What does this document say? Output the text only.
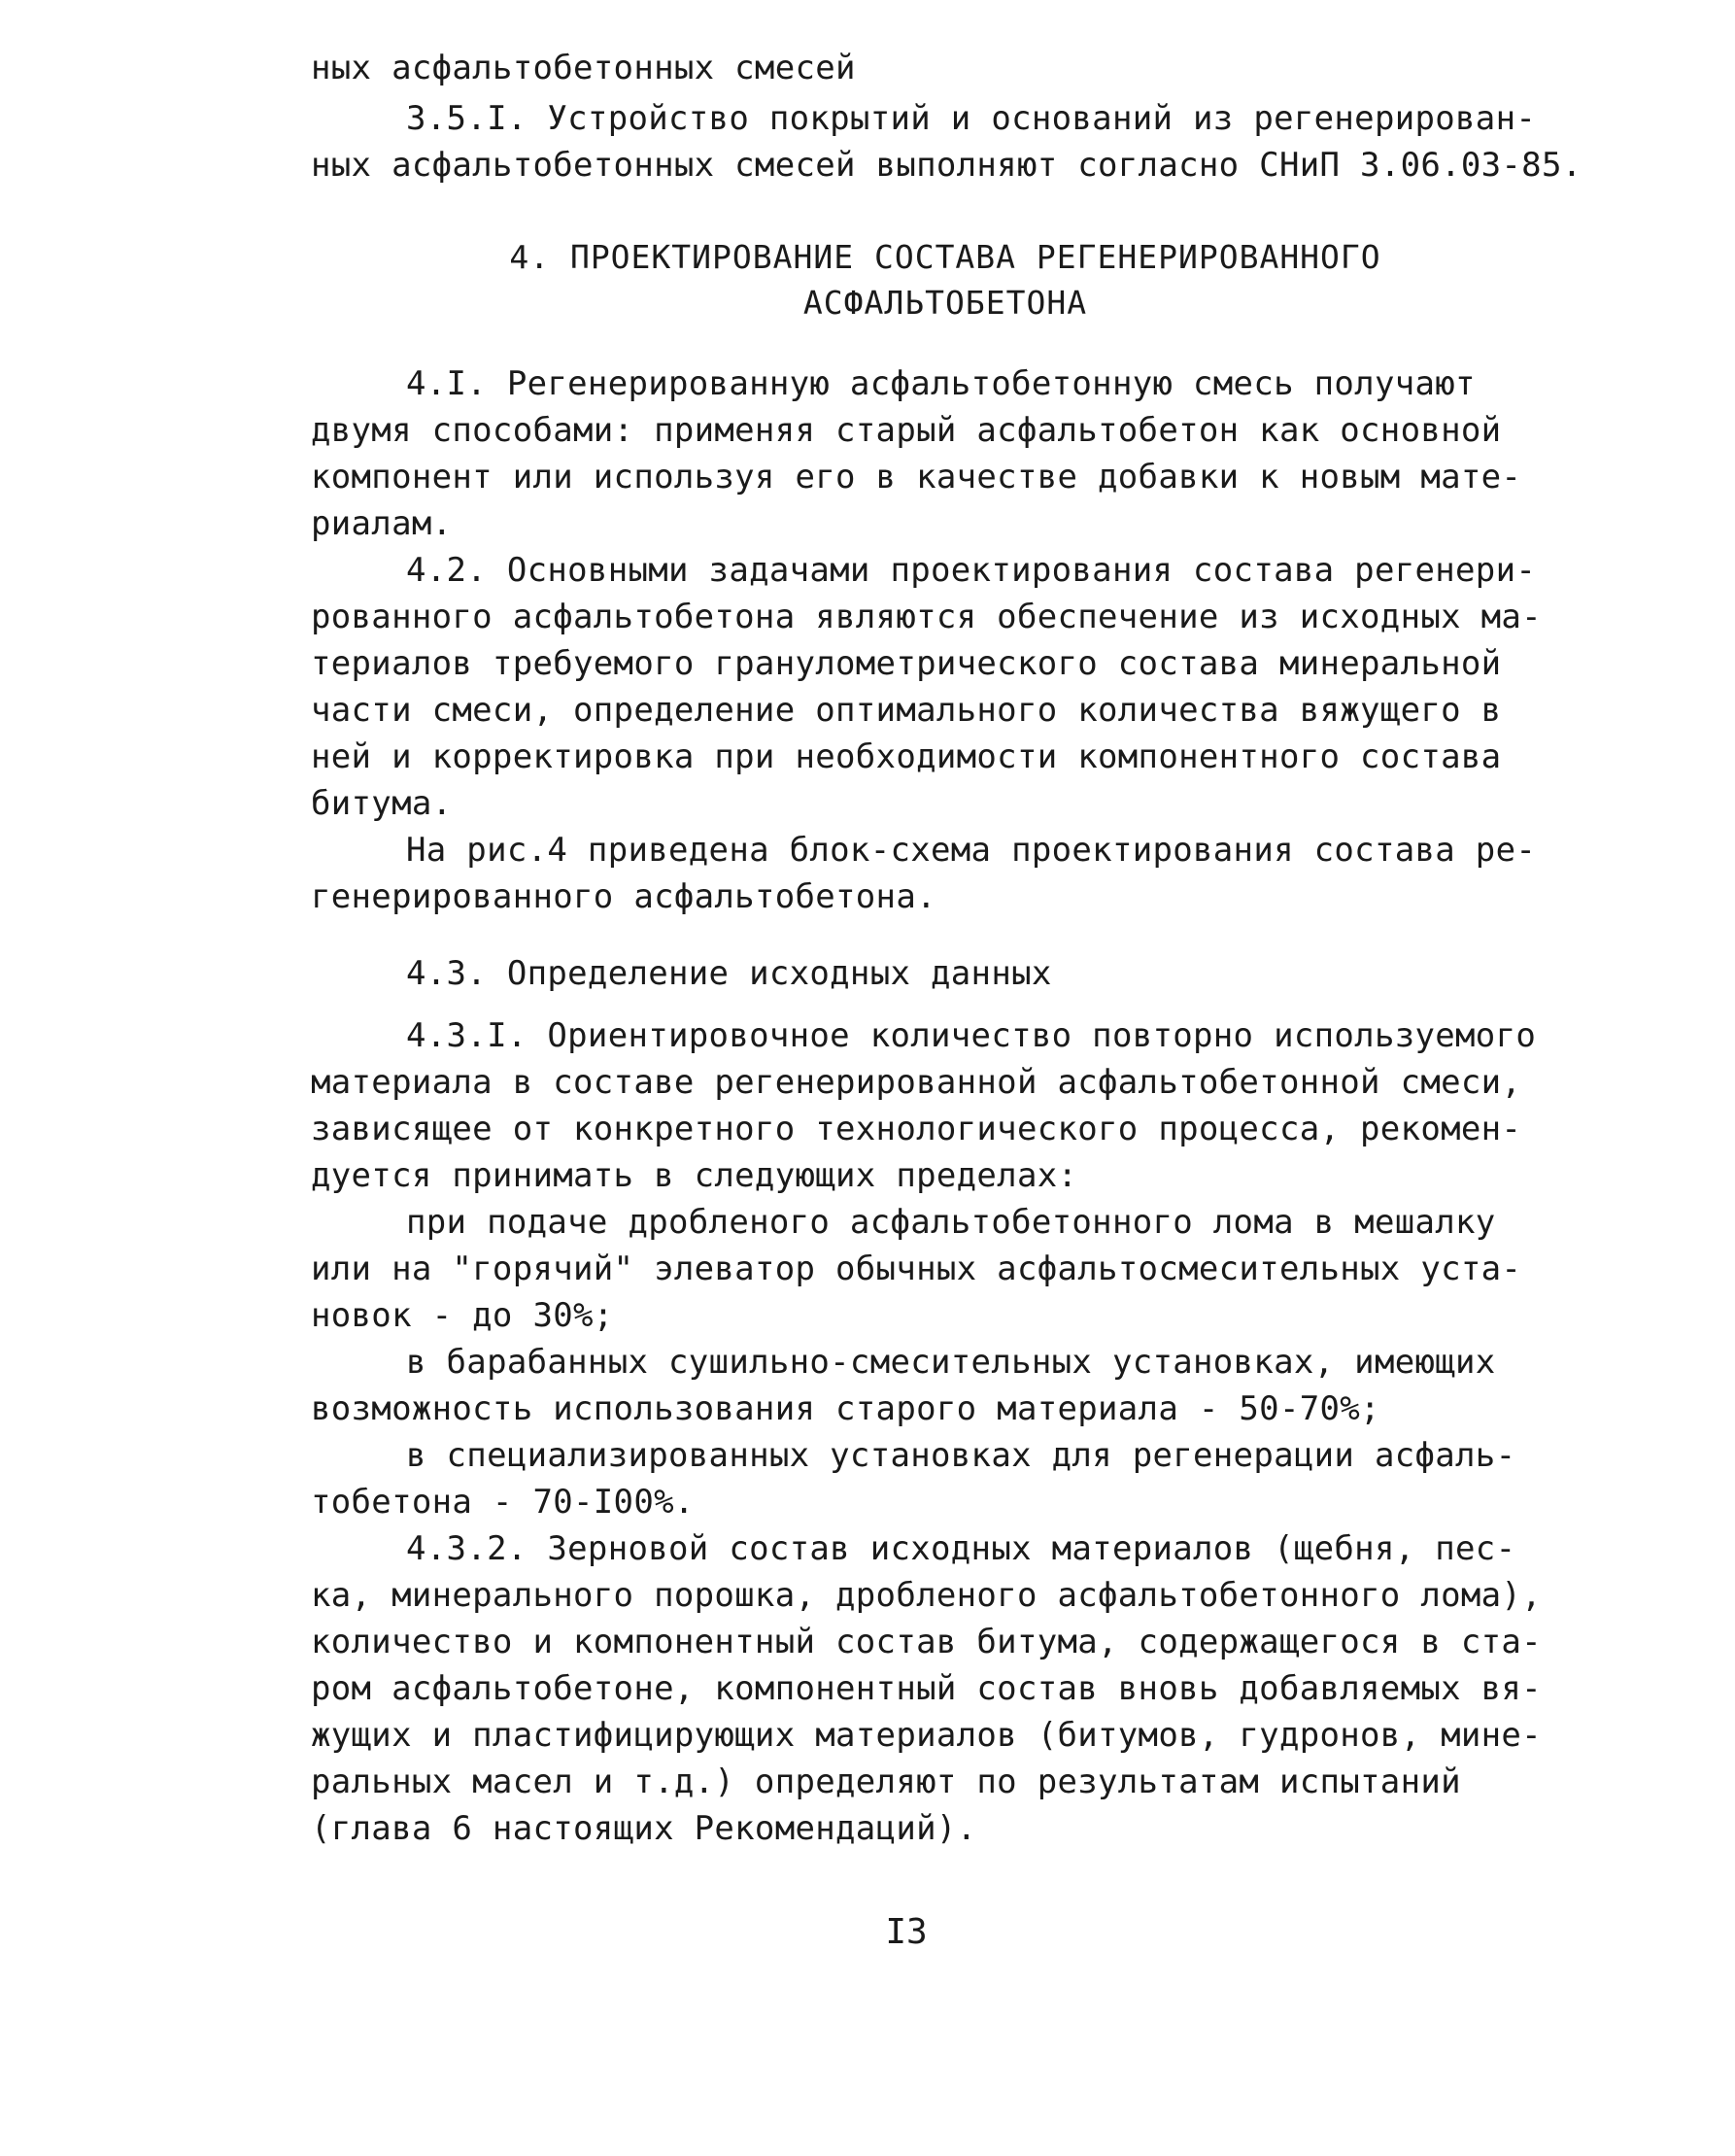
ных асфальтобетонных смесей
3.5.I. Устройство покрытий и оснований из регенерирован-
ных асфальтобетонных смесей выполняют согласно СНиП 3.06.03-85.
4. ПРОЕКТИРОВАНИЕ СОСТАВА РЕГЕНЕРИРОВАННОГО
АСФАЛЬТОБЕТОНА
4.I. Регенерированную асфальтобетонную смесь получают
двумя способами: применяя старый асфальтобетон как основной
компонент или используя его в качестве добавки к новым мате-
риалам.
4.2. Основными задачами проектирования состава регенери-
рованного асфальтобетона являются обеспечение из исходных ма-
териалов требуемого гранулометрического состава минеральной
части смеси, определение оптимального количества вяжущего в
ней и корректировка при необходимости компонентного состава
битума.
На рис.4 приведена блок-схема проектирования состава ре-
генерированного асфальтобетона.
4.3. Определение исходных данных
4.3.I. Ориентировочное количество повторно используемого
материала в составе регенерированной асфальтобетонной смеси,
зависящее от конкретного технологического процесса, рекомен-
дуется принимать в следующих пределах:
при подаче дробленого асфальтобетонного лома в мешалку
или на "горячий" элеватор обычных асфальтосмесительных уста-
новок - до 30%;
в барабанных сушильно-смесительных установках, имеющих
возможность использования старого материала - 50-70%;
в специализированных установках для регенерации асфаль-
тобетона - 70-I00%.
4.3.2. Зерновой состав исходных материалов (щебня, пес-
ка, минерального порошка, дробленого асфальтобетонного лома),
количество и компонентный состав битума, содержащегося в ста-
ром асфальтобетоне, компонентный состав вновь добавляемых вя-
жущих и пластифицирующих материалов (битумов, гудронов, мине-
ральных масел и т.д.) определяют по результатам испытаний
(глава 6 настоящих Рекомендаций).
I3
